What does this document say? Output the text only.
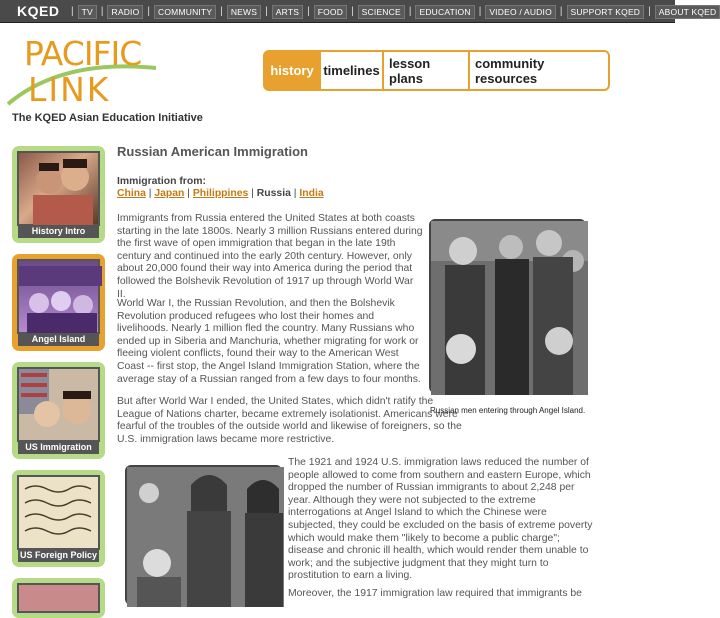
KQED | TV | RADIO | COMMUNITY | NEWS | ARTS | FOOD | SCIENCE | EDUCATION | VIDEO / AUDIO | SUPPORT KQED | ABOUT KQED
PACIFIC
LINK
The KQED Asian Education Initiative
history timelines lesson plans
community resources
History Intro
Angel Island
US Immigration
US Foreign Policy
Russian American Immigration
Immigration from:
China | Japan | Philippines | Russia | India
Immigrants from Russia entered the United States at both coasts starting in the late 1800s. Nearly 3 million Russians entered during the first wave of open immigration that began in the late 19th century and continued into the early 20th century. However, only about 20,000 found their way into America during the period that followed the Bolshevik Revolution of 1917 up through World War II.
World War I, the Russian Revolution, and then the Bolshevik Revolution produced refugees who lost their homes and livelihoods. Nearly 1 million fled the country. Many Russians who ended up in Siberia and Manchuria, whether migrating for work or fleeing violent conflicts, found their way to the American West Coast -- first stop, the Angel Island Immigration Station, where the average stay of a Russian ranged from a few days to four months.
But after World War I ended, the United States, which didn't ratify the League of Nations charter, became extremely isolationist. Americans were fearful of the troubles of the outside world and likewise of foreigners, so the U.S. immigration laws became more restrictive.
The 1921 and 1924 U.S. immigration laws reduced the number of people allowed to come from southern and eastern Europe, which dropped the number of Russian immigrants to about 2,248 per year. Although they were not subjected to the extreme interrogations at Angel Island to which the Chinese were subjected, they could be excluded on the basis of extreme poverty which would make them "likely to become a public charge"; disease and chronic ill health, which would render them unable to work; and the subjective judgment that they might turn to prostitution to earn a living.
Moreover, the 1917 immigration law required that immigrants be
Russian men entering through Angel Island.
